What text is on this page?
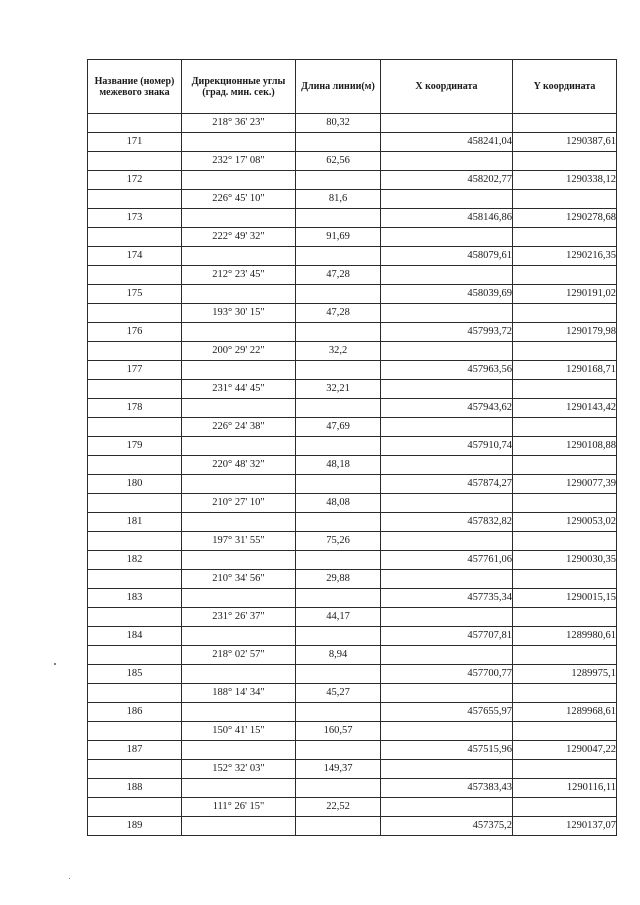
Название (номер) межевого знака	Дирекционные углы (град. мин. сек.)	Длина линии(м)	X координата	Y координата
	218° 36' 23"	80,32		
171			458241,04	1290387,61
	232° 17' 08"	62,56		
172			458202,77	1290338,12
	226° 45' 10"	81,6		
173			458146,86	1290278,68
	222° 49' 32"	91,69		
174			458079,61	1290216,35
	212° 23' 45"	47,28		
175			458039,69	1290191,02
	193° 30' 15"	47,28		
176			457993,72	1290179,98
	200° 29' 22"	32,2		
177			457963,56	1290168,71
	231° 44' 45"	32,21		
178			457943,62	1290143,42
	226° 24' 38"	47,69		
179			457910,74	1290108,88
	220° 48' 32"	48,18		
180			457874,27	1290077,39
	210° 27' 10"	48,08		
181			457832,82	1290053,02
	197° 31' 55"	75,26		
182			457761,06	1290030,35
	210° 34' 56"	29,88		
183			457735,34	1290015,15
	231° 26' 37"	44,17		
184			457707,81	1289980,61
	218° 02' 57"	8,94		
185			457700,77	1289975,1
	188° 14' 34"	45,27		
186			457655,97	1289968,61
	150° 41' 15"	160,57		
187			457515,96	1290047,22
	152° 32' 03"	149,37		
188			457383,43	1290116,11
	111° 26' 15"	22,52		
189			457375,2	1290137,07
